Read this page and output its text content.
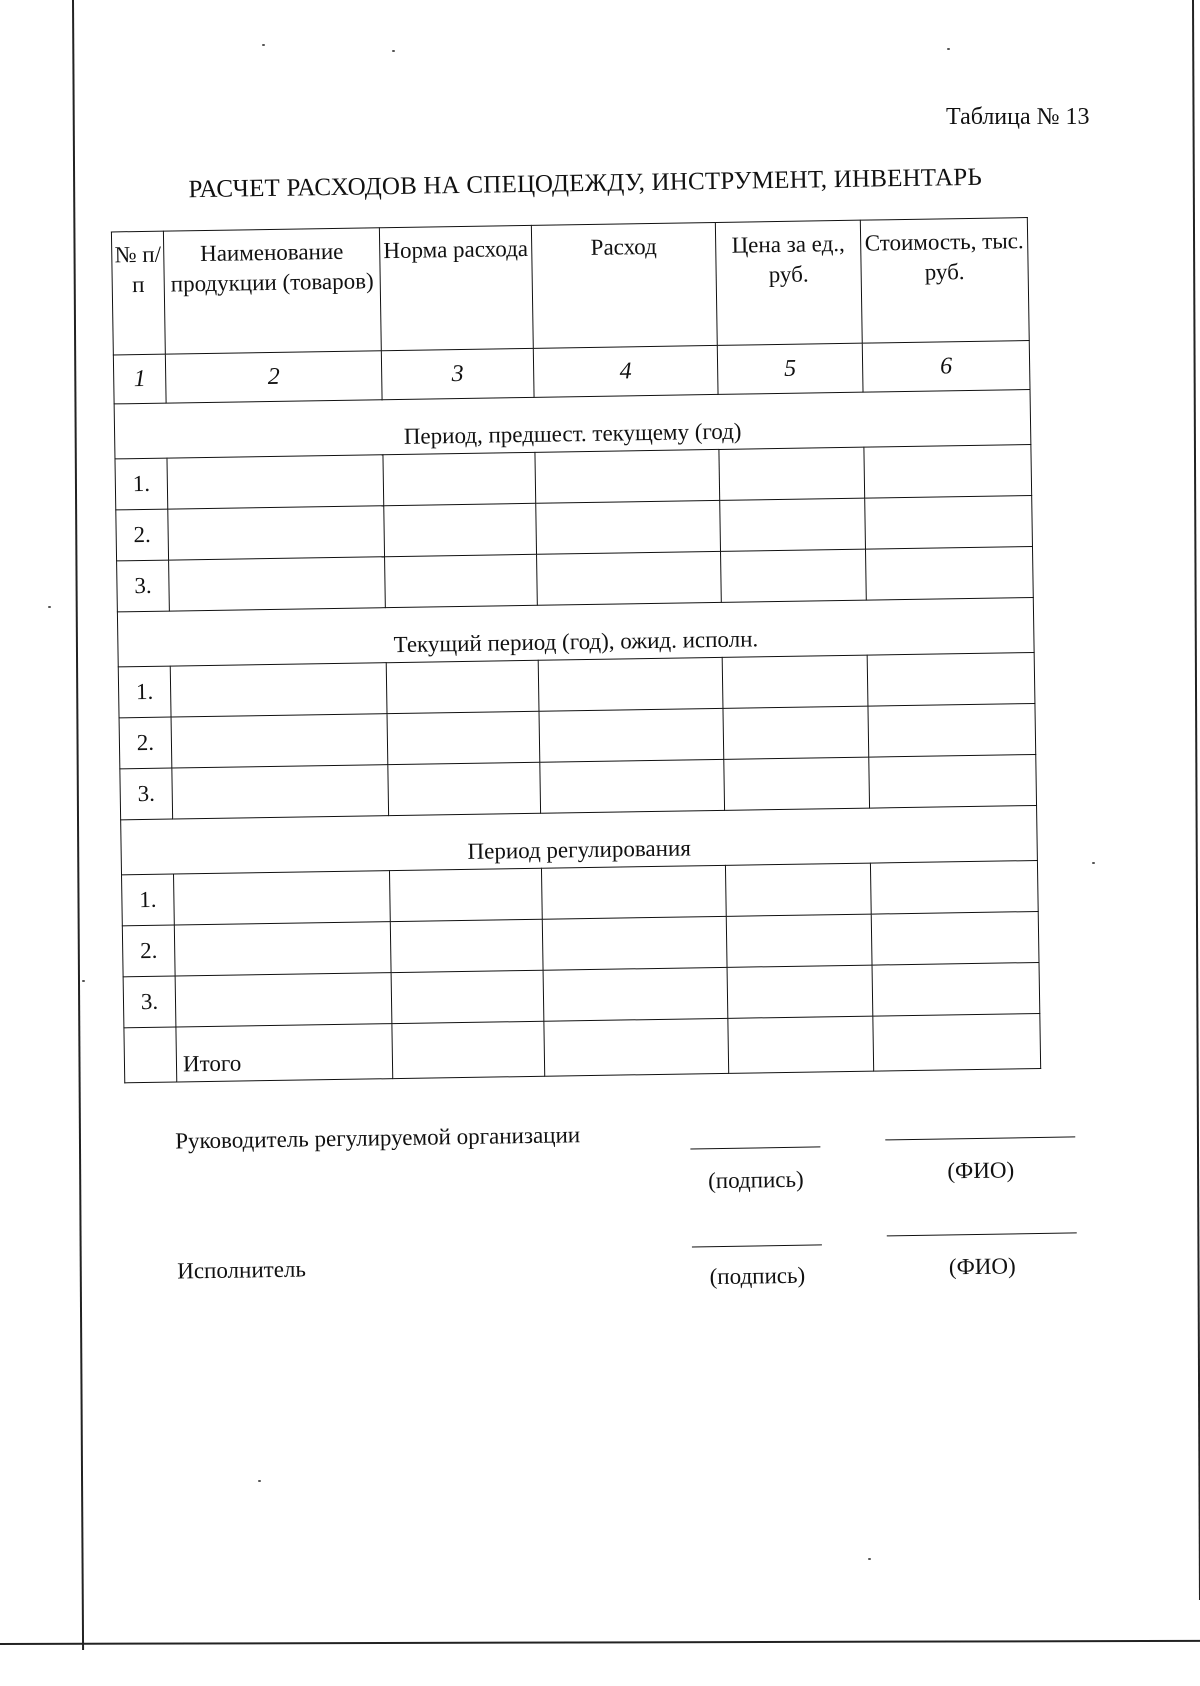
Таблица № 13
РАСЧЕТ РАСХОДОВ НА СПЕЦОДЕЖДУ, ИНСТРУМЕНТ, ИНВЕНТАРЬ
№ п/п	Наименование продукции (товаров)	Норма расхода	Расход	Цена за ед., руб.	Стоимость, тыс. руб.
1	2	3	4	5	6
Период, предшест. текущему (год)					
1.					
2.					
3.					
Текущий период (год), ожид. исполн.					
1.					
2.					
3.					
Период регулирования					
1.					
2.					
3.					
	Итого				
Руководитель регулируемой организации
(подпись)	(ФИО)
Исполнитель	(подпись)	(ФИО)
